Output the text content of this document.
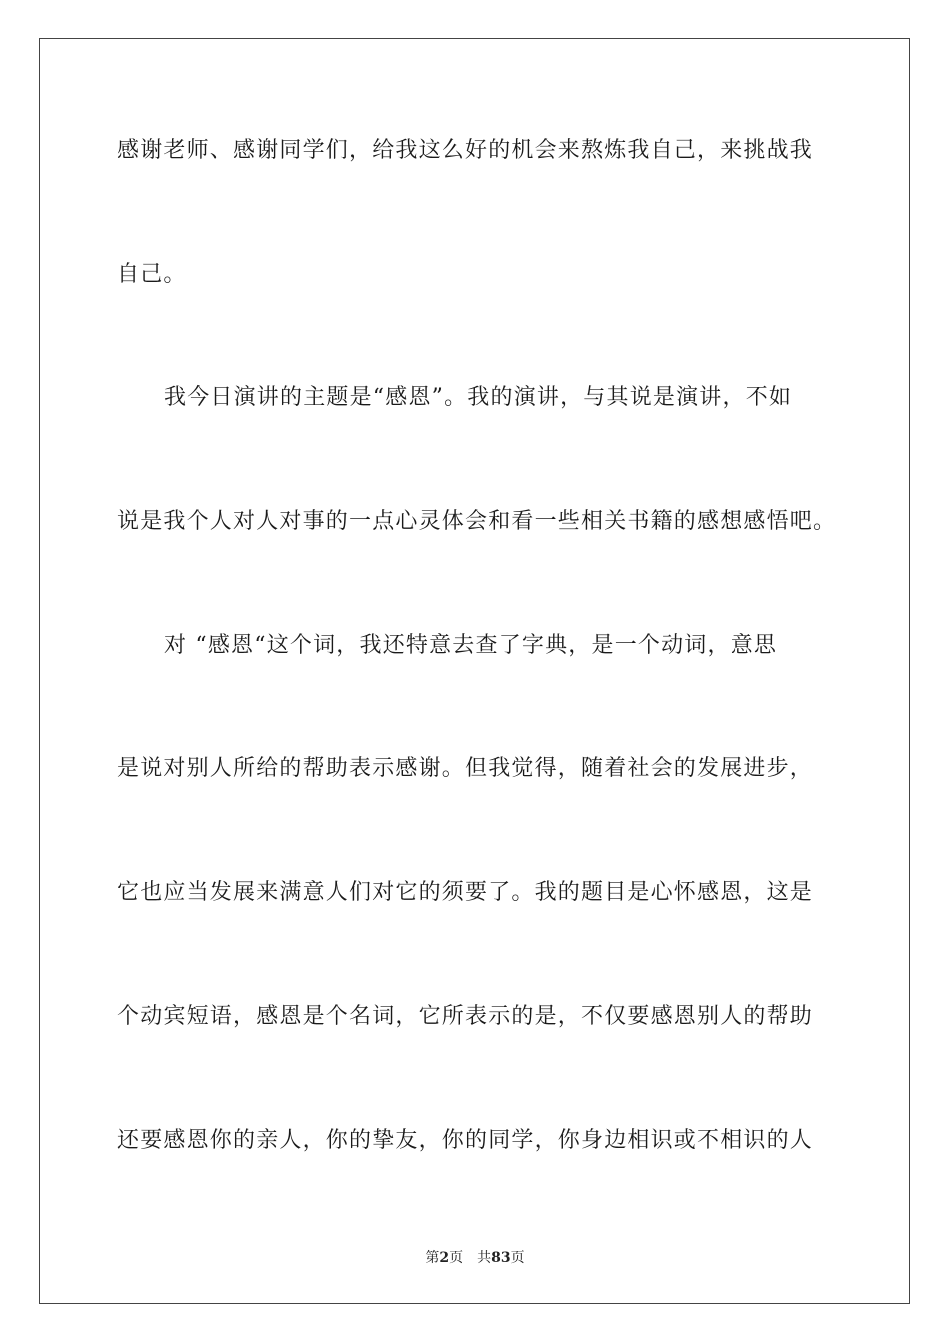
感谢老师、感谢同学们，给我这么好的机会来熬炼我自己，来挑战我
自己。
我今日演讲的主题是“感恩”。我的演讲，与其说是演讲，不如
说是我个人对人对事的一点心灵体会和看一些相关书籍的感想感悟吧。
对 “感恩“这个词，我还特意去查了字典，是一个动词，意思
是说对别人所给的帮助表示感谢。但我觉得，随着社会的发展进步，
它也应当发展来满意人们对它的须要了。我的题目是心怀感恩，这是
个动宾短语，感恩是个名词，它所表示的是，不仅要感恩别人的帮助
还要感恩你的亲人，你的挚友，你的同学，你身边相识或不相识的人
第2页 共83页
